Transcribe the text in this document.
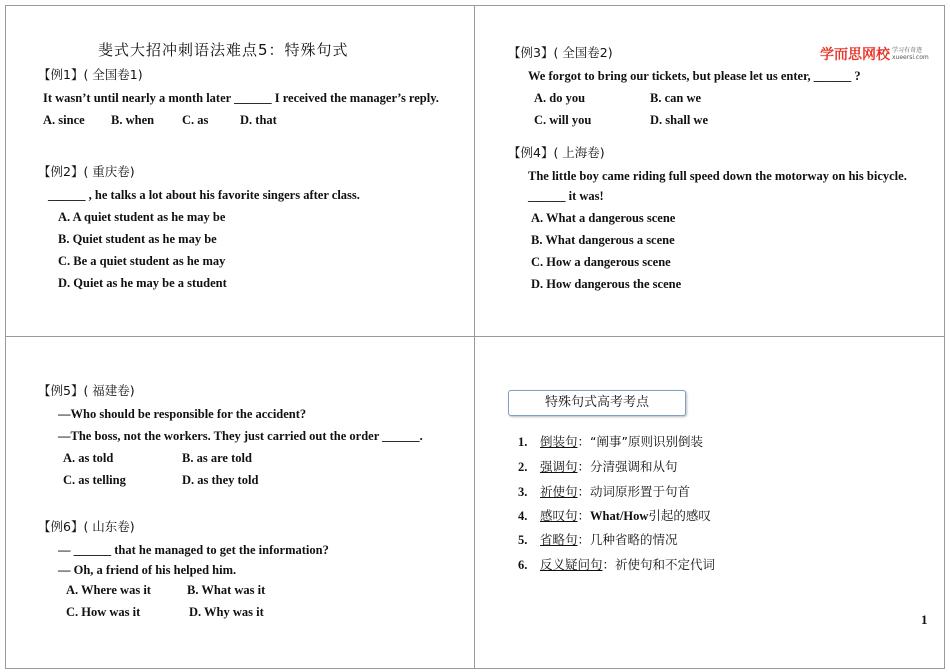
斐式大招冲刺语法难点5：特殊句式
【例1】( 全国卷1)
It wasn’t until nearly a month later ______ I received the manager’s reply.
A. since B. when C. as	D. that
【例2】( 重庆卷)
______ , he talks a lot about his favorite singers after class.
A. A quiet student as he may be
B. Quiet student as he may be
C. Be a quiet student as he may
D. Quiet as he may be a student
【例3】( 全国卷2)	学而思网校 学习有奇迹
xueersi.com
We forgot to bring our tickets, but please let us enter, ______ ?
A. do you	B. can we
C. will you	D. shall we
【例4】( 上海卷)
The little boy came riding full speed down the motorway on his bicycle.
______ it was!
A. What a dangerous scene
B. What dangerous a scene
C. How a dangerous scene
D. How dangerous the scene
【例5】( 福建卷)
—Who should be responsible for the accident?
—The boss, not the workers. They just carried out the order ______.
A. as told	B. as are told
C. as telling	D. as they told
【例6】( 山东卷)
— ______ that he managed to get the information?
— Oh, a friend of his helped him.
A. Where was it	B. What was it
C. How was it	D. Why was it
特殊句式高考考点
1. 倒装句：“阐事”原则识别倒装
2. 强调句：分清强调和从句
3. 祈使句：动词原形置于句首
4. 感叹句：What/How引起的感叹
5. 省略句：几种省略的情况
6. 反义疑问句：祈使句和不定代词
1
